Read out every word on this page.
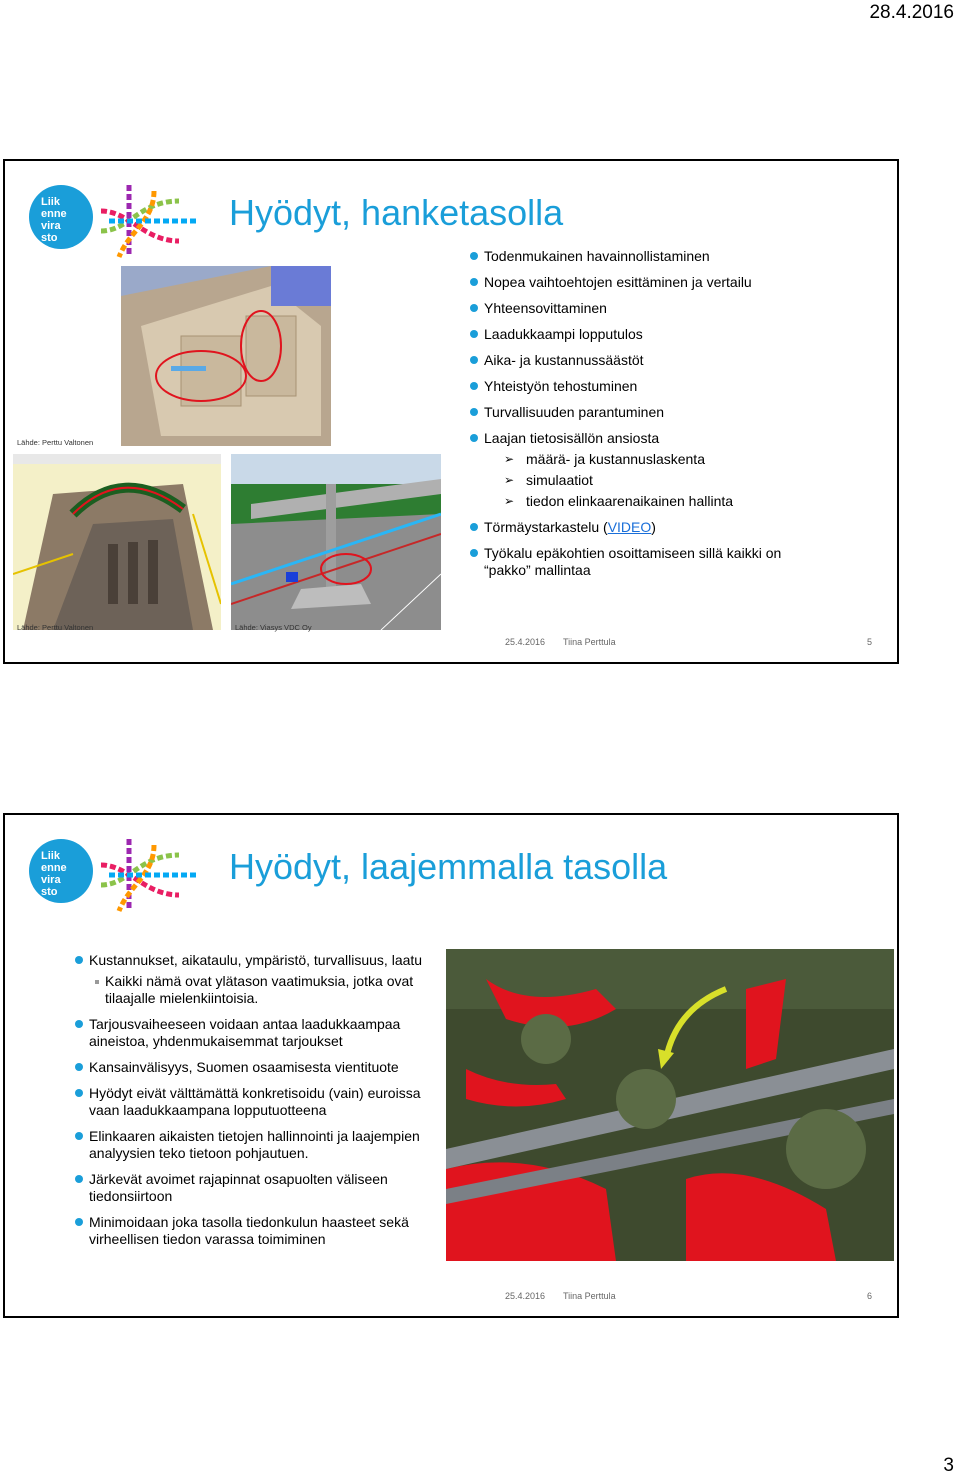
28.4.2016
Liik
enne
vira
sto
Hyödyt, hanketasolla
Lähde: Perttu Valtonen
Lähde: Perttu Valtonen	Lähde: Viasys VDC Oy
Todenmukainen havainnollistaminen
Nopea vaihtoehtojen esittäminen ja vertailu
Yhteensovittaminen
Laadukkaampi lopputulos
Aika- ja kustannussäästöt
Yhteistyön tehostuminen
Turvallisuuden parantuminen
Laajan tietosisällön ansiosta
➢ määrä- ja kustannuslaskenta
➢ simulaatiot
➢ tiedon elinkaarenaikainen hallinta
Törmäystarkastelu (VIDEO)
Työkalu epäkohtien osoittamiseen sillä kaikki on
“pakko” mallintaa
25.4.2016 Tiina Perttula	5
Liik
enne
vira
sto
Hyödyt, laajemmalla tasolla
Kustannukset, aikataulu, ympäristö, turvallisuus, laatu
Kaikki nämä ovat ylätason vaatimuksia, jotka ovat tilaajalle mielenkiintoisia.
Tarjousvaiheeseen voidaan antaa laadukkaampaa aineistoa, yhdenmukaisemmat tarjoukset
Kansainvälisyys, Suomen osaamisesta vientituote
Hyödyt eivät välttämättä konkretisoidu (vain) euroissa vaan laadukkaampana lopputuotteena
Elinkaaren aikaisten tietojen hallinnointi ja laajempien analyysien teko tietoon pohjautuen.
Järkevät avoimet rajapinnat osapuolten väliseen tiedonsiirtoon
Minimoidaan joka tasolla tiedonkulun haasteet sekä virheellisen tiedon varassa toimiminen
25.4.2016 Tiina Perttula	6
3
